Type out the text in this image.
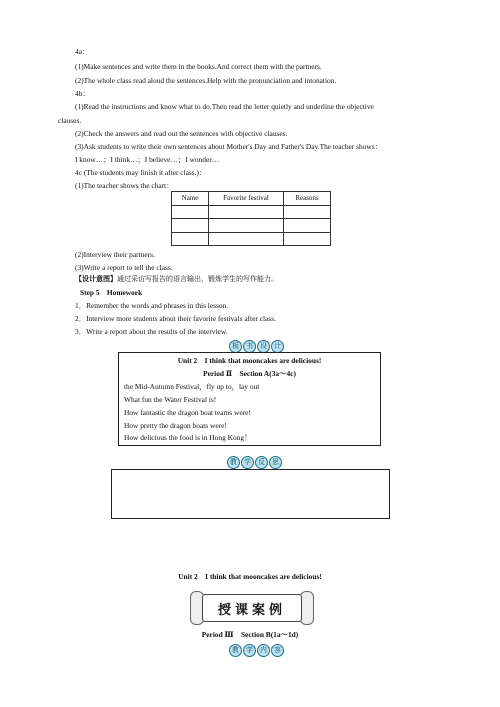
4a：
(1)Make sentences and write them in the books.And correct them with the partners.
(2)The whole class read aloud the sentences.Help with the pronunciation and intonation.
4b：
(1)Read the instructions and know what to do.Then read the letter quietly and underline the objective
clauses.
(2)Check the answers and read out the sentences with objective clauses.
(3)Ask students to write their own sentences about Mother's Day and Father's Day.The teacher shows：
I know…；I think…；I believe…；I wonder…
4c (The students may finish it after class.)：
(1)The teacher shows the chart：
Name	Favorite festival	Reasons

(2)Interview their partners.
(3)Write a report to tell the class.
【设计意图】通过采访写报告的语言输出，锻炼学生的写作能力。
Step 5　Homework
1．Remember the words and phrases in this lesson.
2．Interview more students about their favorite festivals after class.
3．Write a report about the results of the interview.
板	书	设	计
Unit 2　I think that mooncakes are delicious!
Period Ⅱ　Section A(3a～4c)
the Mid-Autumn Festival，fly up to，lay out
What fun the Water Festival is!
How fantastic the dragon boat teams were!
How pretty the dragon boats were!
How delicious the food is in Hong Kong！
教	学	反	思
Unit 2　I think that mooncakes are delicious!
授课案例
Period Ⅲ　Section B(1a～1d)
教	学	内	容
